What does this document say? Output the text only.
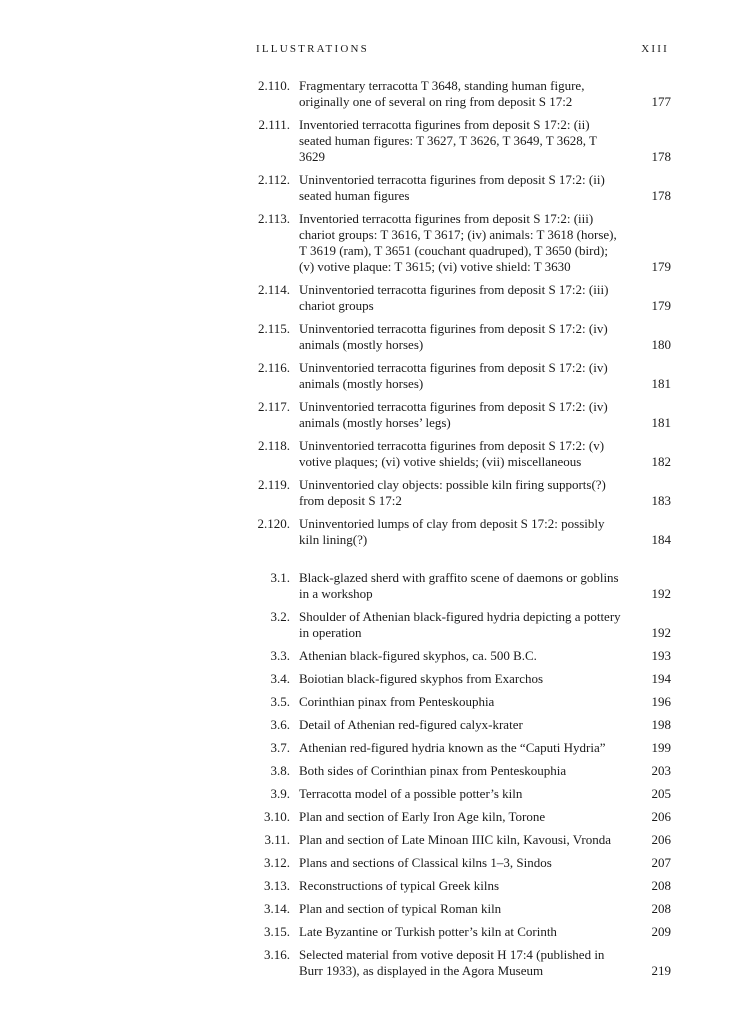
ILLUSTRATIONS	XIII
2.110. Fragmentary terracotta T 3648, standing human figure, originally one of several on ring from deposit S 17:2	177
2.111. Inventoried terracotta figurines from deposit S 17:2: (ii) seated human figures: T 3627, T 3626, T 3649, T 3628, T 3629	178
2.112. Uninventoried terracotta figurines from deposit S 17:2: (ii) seated human figures	178
2.113. Inventoried terracotta figurines from deposit S 17:2: (iii) chariot groups: T 3616, T 3617; (iv) animals: T 3618 (horse), T 3619 (ram), T 3651 (couchant quadruped), T 3650 (bird); (v) votive plaque: T 3615; (vi) votive shield: T 3630	179
2.114. Uninventoried terracotta figurines from deposit S 17:2: (iii) chariot groups	179
2.115. Uninventoried terracotta figurines from deposit S 17:2: (iv) animals (mostly horses)	180
2.116. Uninventoried terracotta figurines from deposit S 17:2: (iv) animals (mostly horses)	181
2.117. Uninventoried terracotta figurines from deposit S 17:2: (iv) animals (mostly horses’ legs)	181
2.118. Uninventoried terracotta figurines from deposit S 17:2: (v) votive plaques; (vi) votive shields; (vii) miscellaneous	182
2.119. Uninventoried clay objects: possible kiln firing supports(?) from deposit S 17:2	183
2.120. Uninventoried lumps of clay from deposit S 17:2: possibly kiln lining(?)	184
3.1. Black-glazed sherd with graffito scene of daemons or goblins in a workshop	192
3.2. Shoulder of Athenian black-figured hydria depicting a pottery in operation	192
3.3. Athenian black-figured skyphos, ca. 500 B.C.	193
3.4. Boiotian black-figured skyphos from Exarchos	194
3.5. Corinthian pinax from Penteskouphia	196
3.6. Detail of Athenian red-figured calyx-krater	198
3.7. Athenian red-figured hydria known as the “Caputi Hydria”	199
3.8. Both sides of Corinthian pinax from Penteskouphia	203
3.9. Terracotta model of a possible potter’s kiln	205
3.10. Plan and section of Early Iron Age kiln, Torone	206
3.11. Plan and section of Late Minoan IIIC kiln, Kavousi, Vronda	206
3.12. Plans and sections of Classical kilns 1–3, Sindos	207
3.13. Reconstructions of typical Greek kilns	208
3.14. Plan and section of typical Roman kiln	208
3.15. Late Byzantine or Turkish potter’s kiln at Corinth	209
3.16. Selected material from votive deposit H 17:4 (published in Burr 1933), as displayed in the Agora Museum	219
